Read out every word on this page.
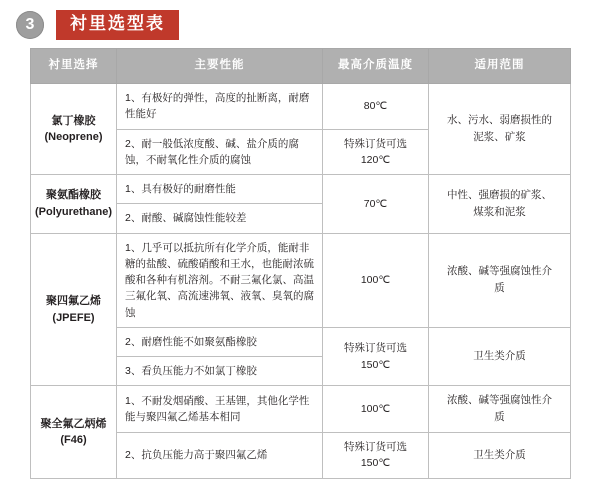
3	衬里选型表
衬里选择	主要性能	最高介质温度	适用范围

氯丁橡胶
(Neoprene)	1、有极好的弹性，高度的扯断离，耐磨性能好	80℃	水、污水、弱磨损性的
泥浆、矿浆

	2、耐一般低浓度酸、碱、盐介质的腐蚀，不耐氧化性介质的腐蚀	特殊订货可选
120℃	

聚氨酯橡胶
(Polyurethane)	1、具有极好的耐磨性能	70℃	中性、强磨损的矿浆、
煤浆和泥浆

	2、耐酸、碱腐蚀性能较差		

聚四氟乙烯
(JPEFE)	1、几乎可以抵抗所有化学介质，能耐非糖的盐酸、硫酸硝酸和王水，也能耐浓硫酸和各种有机溶剂。不耐三氟化氯、高温三氟化氧、高流速沸氧、液氧、臭氧的腐蚀	100℃	浓酸、碱等强腐蚀性介
质

	2、耐磨性能不如聚氨酯橡胶	特殊订货可选
150℃	卫生类介质
	3、看负压能力不如氯丁橡胶		

聚全氟乙炳烯
(F46)	1、不耐发烟硝酸、王基锂，其他化学性能与聚四氟乙烯基本相同	100℃	浓酸、碱等强腐蚀性介
质

	2、抗负压能力高于聚四氟乙烯	特殊订货可选
150℃	卫生类介质
